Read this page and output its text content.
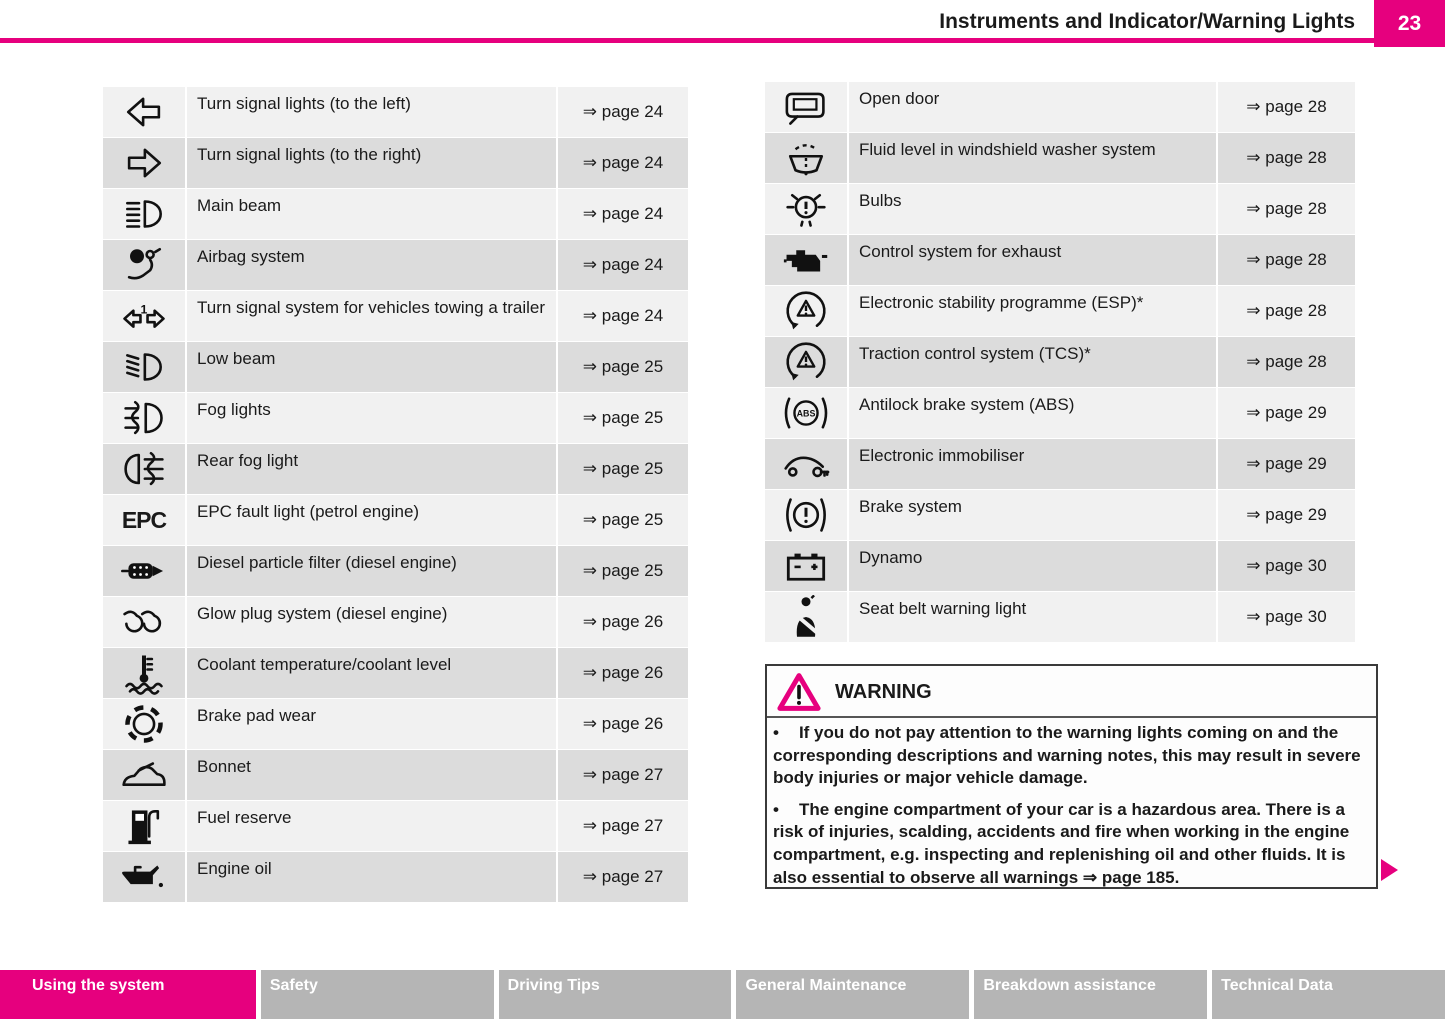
Instruments and Indicator/Warning Lights	23
Turn signal lights (to the left)	⇒ page 24
Turn signal lights (to the right)	⇒ page 24
Main beam	⇒ page 24
Airbag system	⇒ page 24
1	Turn signal system for vehicles towing a trailer	⇒ page 24
Low beam	⇒ page 25
Fog lights	⇒ page 25
Rear fog light	⇒ page 25
EPC	EPC fault light (petrol engine)	⇒ page 25
Diesel particle filter (diesel engine)	⇒ page 25
Glow plug system (diesel engine)	⇒ page 26
Coolant temperature/coolant level	⇒ page 26
Brake pad wear	⇒ page 26
Bonnet	⇒ page 27
Fuel reserve	⇒ page 27
Engine oil	⇒ page 27
Open door	⇒ page 28
Fluid level in windshield washer system	⇒ page 28
Bulbs	⇒ page 28
Control system for exhaust	⇒ page 28
Electronic stability programme (ESP)*	⇒ page 28
Traction control system (TCS)*	⇒ page 28
ABS	Antilock brake system (ABS)	⇒ page 29
Electronic immobiliser	⇒ page 29
Brake system	⇒ page 29
Dynamo	⇒ page 30
Seat belt warning light	⇒ page 30
WARNING

• If you do not pay attention to the warning lights coming on and the corresponding descriptions and warning notes, this may result in severe body injuries or major vehicle damage.

• The engine compartment of your car is a hazardous area. There is a risk of injuries, scalding, accidents and fire when working in the engine compartment, e.g. inspecting and replenishing oil and other fluids. It is also essential to observe all warnings ⇒ page 185.

Using the system	Safety	Driving Tips	General Maintenance	Breakdown assistance	Technical Data
